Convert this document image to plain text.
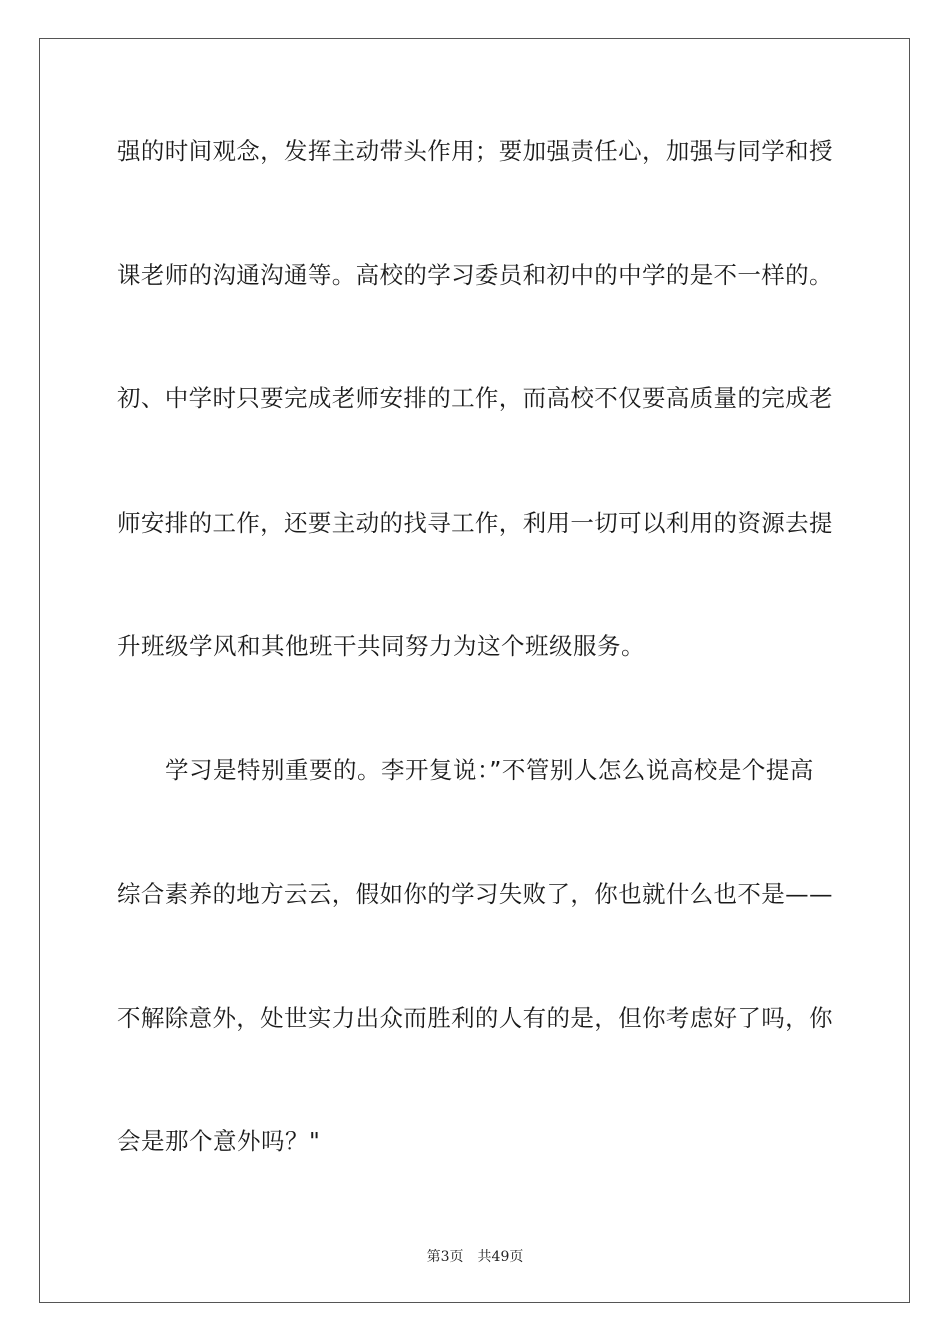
强的时间观念，发挥主动带头作用；要加强责任心，加强与同学和授
课老师的沟通沟通等。高校的学习委员和初中的中学的是不一样的。
初、中学时只要完成老师安排的工作，而高校不仅要高质量的完成老
师安排的工作，还要主动的找寻工作，利用一切可以利用的资源去提
升班级学风和其他班干共同努力为这个班级服务。
　　学习是特别重要的。李开复说：”不管别人怎么说高校是个提高
综合素养的地方云云，假如你的学习失败了，你也就什么也不是——
不解除意外，处世实力出众而胜利的人有的是，但你考虑好了吗，你
会是那个意外吗？"
第3页　共49页
